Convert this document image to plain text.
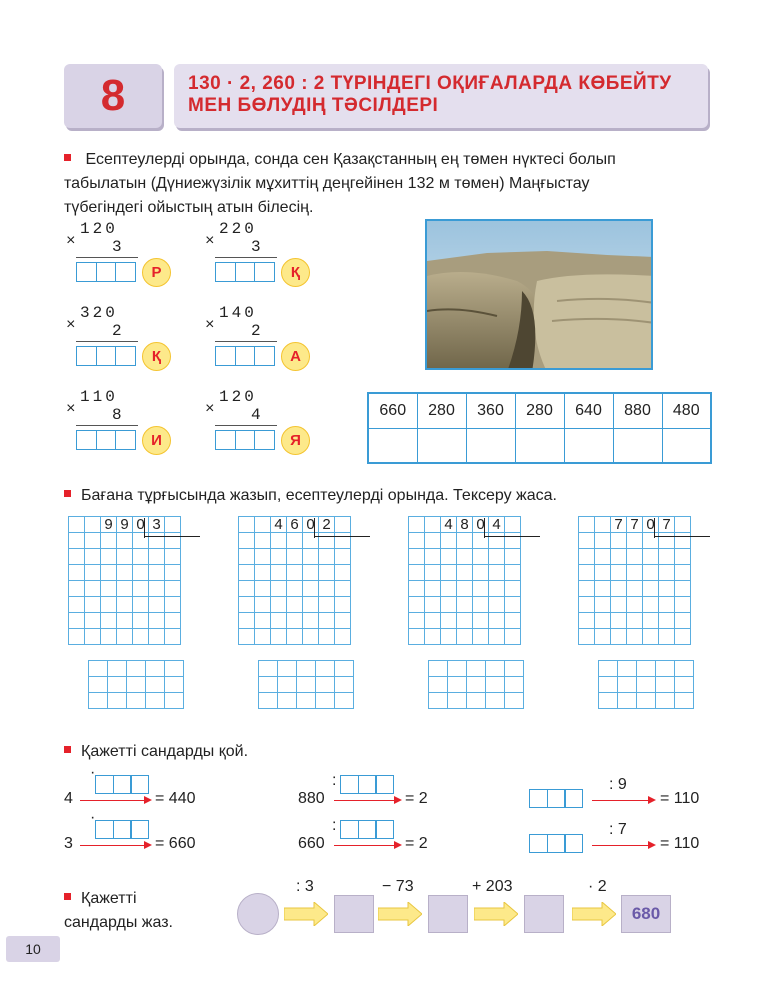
8	130 · 2, 260 : 2 ТҮРІНДЕГІ ОҚИҒАЛАРДА КӨБЕЙТУ
МЕН БӨЛУДІҢ ТӘСІЛДЕРІ
Есептеулерді орында, сонда сен Қазақстанның ең төмен нүктесі болып
табылатын (Дүниежүзілік мұхиттің деңгейінен 132 м төмен) Маңғыстау
түбегіндегі ойыстың атын білесің.
×
120
3
Р
×
220
3
Қ
×
320
2
Қ
×
140
2
А
×
110
8
И
×
120
4
Я
660	280	360	280	640	880	480

Бағана тұрғысында жазып, есептеулерді орында. Тексеру жаса.
		9	9	0	3	

			4	6	0	2	

			4	8	0	4	

			7	7	0	7	

Қажетті сандарды қой.
4
·
= 440	880
:
= 2
: 9
= 110
3
·
= 660	660
:
= 2
: 7
= 110
Қажетті
сандарды жаз.
: 3	− 73	+ 203	· 2
680
10
